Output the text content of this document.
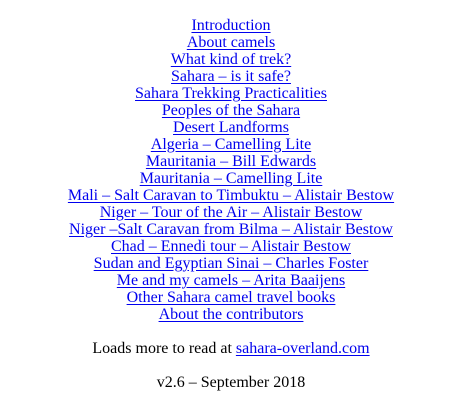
Introduction
About camels
What kind of trek?
Sahara – is it safe?
Sahara Trekking Practicalities
Peoples of the Sahara
Desert Landforms
Algeria – Camelling Lite
Mauritania – Bill Edwards
Mauritania – Camelling Lite
Mali – Salt Caravan to Timbuktu – Alistair Bestow
Niger – Tour of the Air – Alistair Bestow
Niger –Salt Caravan from Bilma – Alistair Bestow
Chad – Ennedi tour – Alistair Bestow
Sudan and Egyptian Sinai – Charles Foster
Me and my camels – Arita Baaijens
Other Sahara camel travel books
About the contributors

Loads more to read at sahara-overland.com

v2.6 – September 2018
